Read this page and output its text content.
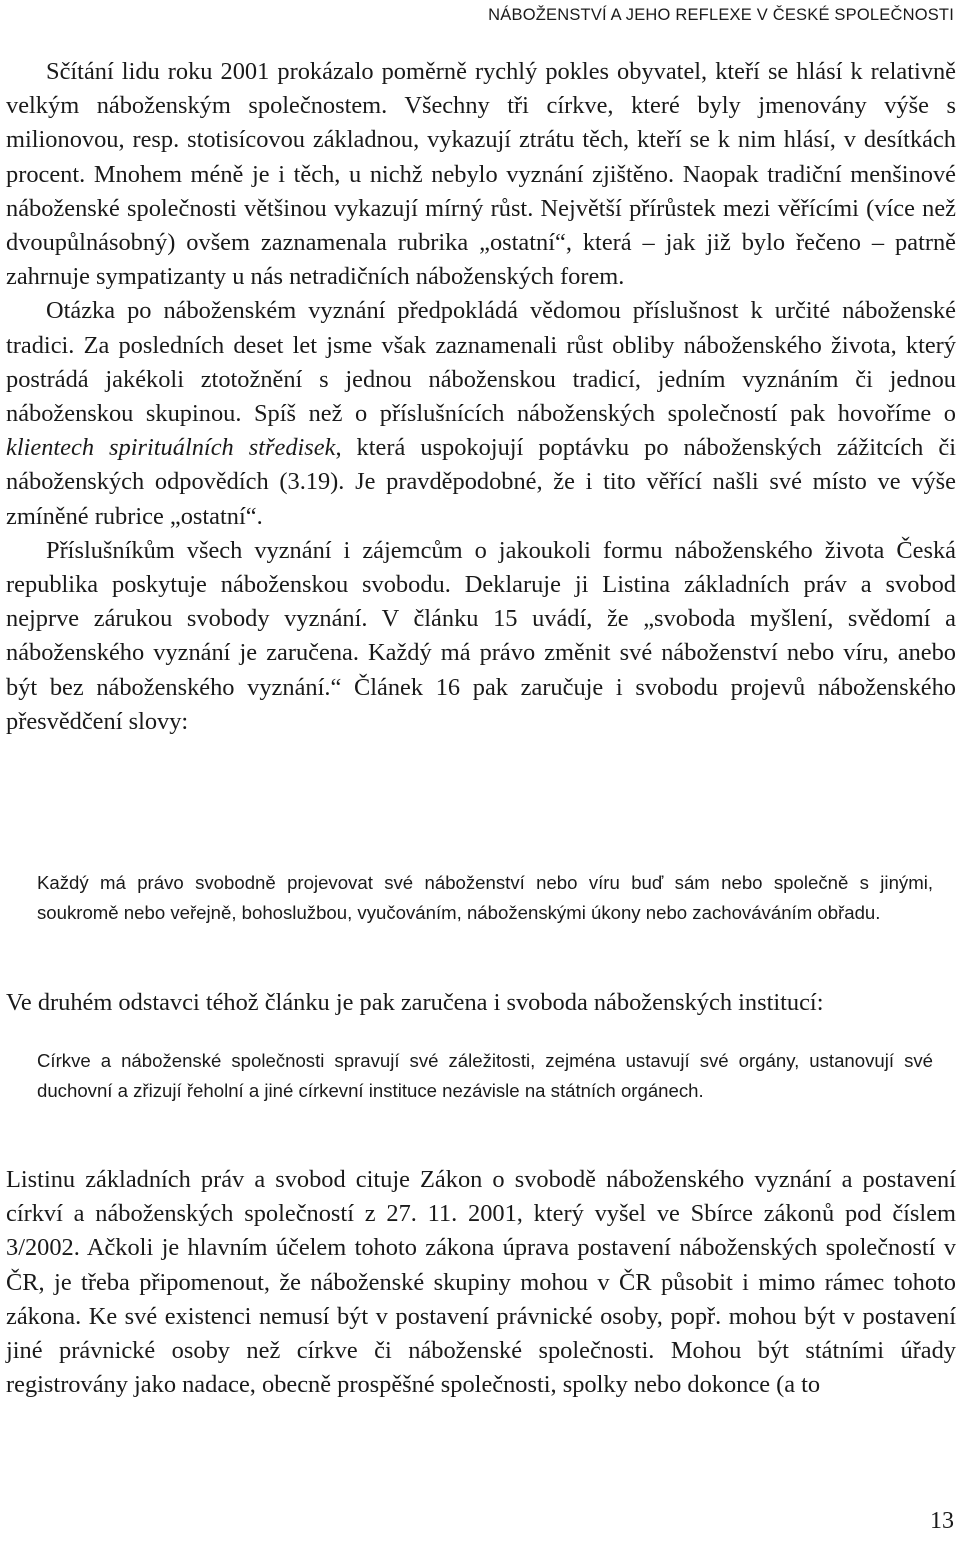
NÁBOŽENSTVÍ A JEHO REFLEXE V ČESKÉ SPOLEČNOSTI

Sčítání lidu roku 2001 prokázalo poměrně rychlý pokles obyvatel, kteří se hlásí k relativně velkým náboženským společnostem. Všechny tři církve, které byly jmenovány výše s milionovou, resp. stotisícovou základnou, vykazují ztrátu těch, kteří se k nim hlásí, v desítkách procent. Mnohem méně je i těch, u nichž nebylo vyznání zjištěno. Naopak tradiční menšinové náboženské společnosti většinou vykazují mírný růst. Největší přírůstek mezi věřícími (více než dvoupůlnásobný) ovšem zaznamenala rubrika „ostatní“, která – jak již bylo řečeno – patrně zahrnuje sympatizanty u nás netradičních náboženských forem.

Otázka po náboženském vyznání předpokládá vědomou příslušnost k určité náboženské tradici. Za posledních deset let jsme však zaznamenali růst obliby náboženského života, který postrádá jakékoli ztotožnění s jednou náboženskou tradicí, jedním vyznáním či jednou náboženskou skupinou. Spíš než o příslušnících náboženských společností pak hovoříme o klientech spirituálních středisek, která uspokojují poptávku po náboženských zážitcích či náboženských odpovědích (3.19). Je pravděpodobné, že i tito věřící našli své místo ve výše zmíněné rubrice „ostatní“.

Příslušníkům všech vyznání i zájemcům o jakoukoli formu náboženského života Česká republika poskytuje náboženskou svobodu. Deklaruje ji Listina základních práv a svobod nejprve zárukou svobody vyznání. V článku 15 uvádí, že „svoboda myšlení, svědomí a náboženského vyznání je zaručena. Každý má právo změnit své náboženství nebo víru, anebo být bez náboženského vyznání.“ Článek 16 pak zaručuje i svobodu projevů náboženského přesvědčení slovy:

Každý má právo svobodně projevovat své náboženství nebo víru buď sám nebo společně s jinými, soukromě nebo veřejně, bohoslužbou, vyučováním, náboženskými úkony nebo zachováváním obřadu.

Ve druhém odstavci téhož článku je pak zaručena i svoboda náboženských institucí:

Církve a náboženské společnosti spravují své záležitosti, zejména ustavují své orgány, ustanovují své duchovní a zřizují řeholní a jiné církevní instituce nezávisle na státních orgánech.

Listinu základních práv a svobod cituje Zákon o svobodě náboženského vyznání a postavení církví a náboženských společností z 27. 11. 2001, který vyšel ve Sbírce zákonů pod číslem 3/2002. Ačkoli je hlavním účelem tohoto zákona úprava postavení náboženských společností v ČR, je třeba připomenout, že náboženské skupiny mohou v ČR působit i mimo rámec tohoto zákona. Ke své existenci nemusí být v postavení právnické osoby, popř. mohou být v postavení jiné právnické osoby než církve či náboženské společnosti. Mohou být státními úřady registrovány jako nadace, obecně prospěšné společnosti, spolky nebo dokonce (a to

13
